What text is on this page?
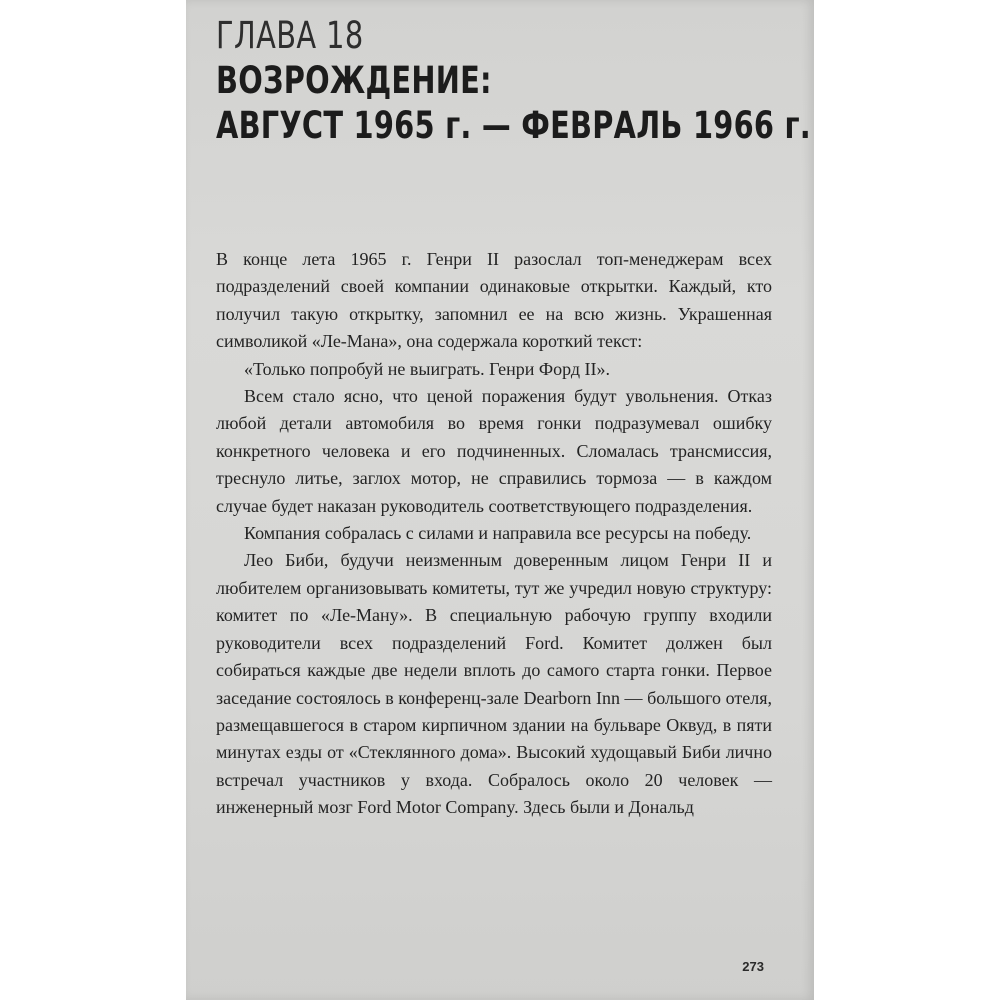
ГЛАВА 18
ВОЗРОЖДЕНИЕ:
АВГУСТ 1965 г. — ФЕВРАЛЬ 1966 г.

В конце лета 1965 г. Генри II разослал топ-менеджерам всех подразделений своей компании одинаковые открытки. Каждый, кто получил такую открытку, запомнил ее на всю жизнь. Украшенная символикой «Ле-Мана», она содержала короткий текст:

«Только попробуй не выиграть. Генри Форд II».

Всем стало ясно, что ценой поражения будут увольнения. Отказ любой детали автомобиля во время гонки подразумевал ошибку конкретного человека и его подчиненных. Сломалась трансмиссия, треснуло литье, заглох мотор, не справились тормоза — в каждом случае будет наказан руководитель соответствующего подразделения.

Компания собралась с силами и направила все ресурсы на победу.

Лео Биби, будучи неизменным доверенным лицом Генри II и любителем организовывать комитеты, тут же учредил новую структуру: комитет по «Ле-Ману». В специальную рабочую группу входили руководители всех подразделений Ford. Комитет должен был собираться каждые две недели вплоть до самого старта гонки. Первое заседание состоялось в конференц-зале Dearborn Inn — большого отеля, размещавшегося в старом кирпичном здании на бульваре Оквуд, в пяти минутах езды от «Стеклянного дома». Высокий худощавый Биби лично встречал участников у входа. Собралось около 20 человек — инженерный мозг Ford Motor Company. Здесь были и Дональд

273
